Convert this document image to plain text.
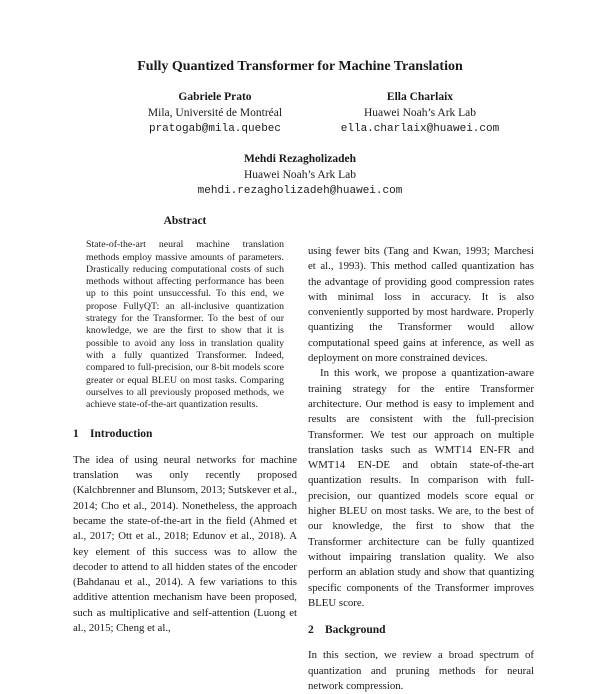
Fully Quantized Transformer for Machine Translation
Gabriele Prato
Mila, Université de Montréal
pratogab@mila.quebec
Ella Charlaix
Huawei Noah’s Ark Lab
ella.charlaix@huawei.com
Mehdi Rezagholizadeh
Huawei Noah’s Ark Lab
mehdi.rezagholizadeh@huawei.com
Abstract
State-of-the-art neural machine translation methods employ massive amounts of parameters. Drastically reducing computational costs of such methods without affecting performance has been up to this point unsuccessful. To this end, we propose FullyQT: an all-inclusive quantization strategy for the Transformer. To the best of our knowledge, we are the first to show that it is possible to avoid any loss in translation quality with a fully quantized Transformer. Indeed, compared to full-precision, our 8-bit models score greater or equal BLEU on most tasks. Comparing ourselves to all previously proposed methods, we achieve state-of-the-art quantization results.
1 Introduction

The idea of using neural networks for machine translation was only recently proposed (Kalchbrenner and Blunsom, 2013; Sutskever et al., 2014; Cho et al., 2014). Nonetheless, the approach became the state-of-the-art in the field (Ahmed et al., 2017; Ott et al., 2018; Edunov et al., 2018). A key element of this success was to allow the decoder to attend to all hidden states of the encoder (Bahdanau et al., 2014). A few variations to this additive attention mechanism have been proposed, such as multiplicative and self-attention (Luong et al., 2015; Cheng et al.,

using fewer bits (Tang and Kwan, 1993; Marchesi et al., 1993). This method called quantization has the advantage of providing good compression rates with minimal loss in accuracy. It is also conveniently supported by most hardware. Properly quantizing the Transformer would allow computational speed gains at inference, as well as deployment on more constrained devices.

In this work, we propose a quantization-aware training strategy for the entire Transformer architecture. Our method is easy to implement and results are consistent with the full-precision Transformer. We test our approach on multiple translation tasks such as WMT14 EN-FR and WMT14 EN-DE and obtain state-of-the-art quantization results. In comparison with full-precision, our quantized models score equal or higher BLEU on most tasks. We are, to the best of our knowledge, the first to show that the Transformer architecture can be fully quantized without impairing translation quality. We also perform an ablation study and show that quantizing specific components of the Transformer improves BLEU score.

2 Background

In this section, we review a broad spectrum of quantization and pruning methods for neural network compression.
